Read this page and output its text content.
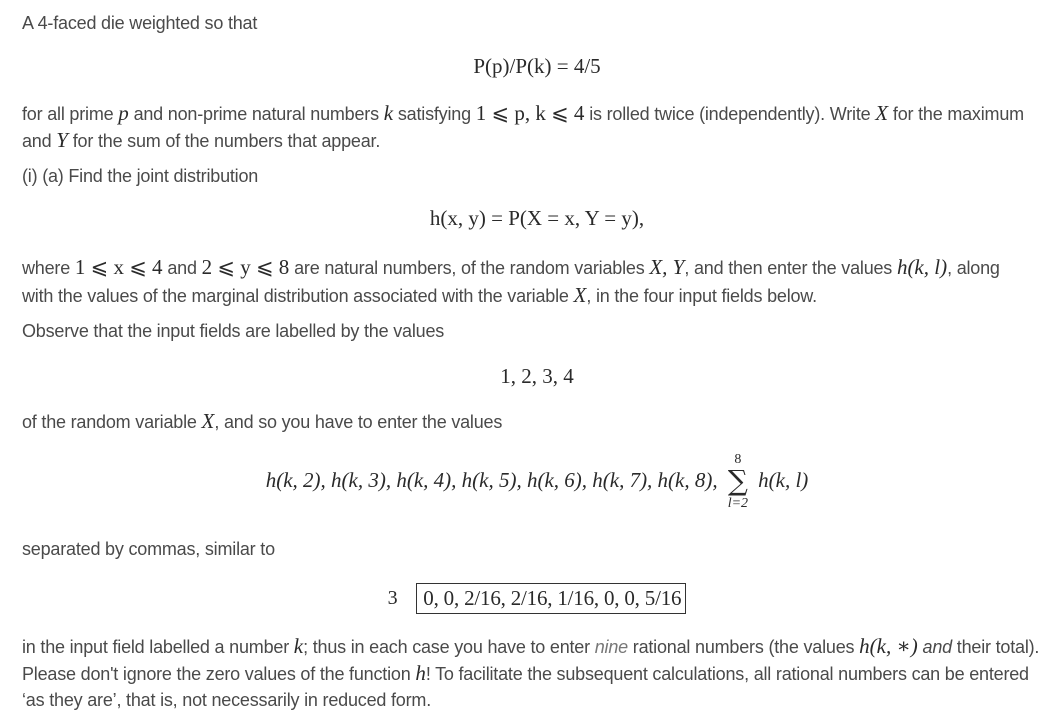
A 4-faced die weighted so that
P(p)/P(k) = 4/5
for all prime p and non-prime natural numbers k satisfying 1 ⩽ p, k ⩽ 4 is rolled twice (independently). Write X for the maximum
and Y for the sum of the numbers that appear.
(i) (a) Find the joint distribution
h(x, y) = P(X = x, Y = y),
where 1 ⩽ x ⩽ 4 and 2 ⩽ y ⩽ 8 are natural numbers, of the random variables X, Y, and then enter the values h(k, l), along
with the values of the marginal distribution associated with the variable X, in the four input fields below.
Observe that the input fields are labelled by the values
1, 2, 3, 4
of the random variable X, and so you have to enter the values
h(k, 2), h(k, 3), h(k, 4), h(k, 5), h(k, 6), h(k, 7), h(k, 8),
8
∑
l=2
h(k, l)
separated by commas, similar to
3 0, 0, 2/16, 2/16, 1/16, 0, 0, 5/16
in the input field labelled a number k; thus in each case you have to enter nine rational numbers (the values h(k, ∗) and their total).
Please don't ignore the zero values of the function h! To facilitate the subsequent calculations, all rational numbers can be entered
‘as they are’, that is, not necessarily in reduced form.
